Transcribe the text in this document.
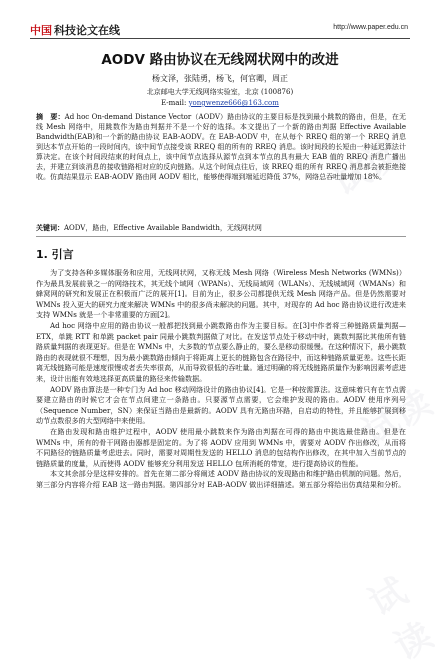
中国 科技论文在线	http://www.paper.edu.cn
试读
试读
试读
AODV 路由协议在无线网状网中的改进
杨文泽，张陆勇，杨飞，何官卿，周正
北京邮电大学无线网络实验室，北京 (100876)
E-mail: yongwenze666@163.com
摘　要：Ad hoc On-demand Distance Vector（AODV）路由协议的主要目标是找到最小跳数的路由，但是，在无线 Mesh 网络中，用跳数作为路由判据并不是一个好的选择。本文提出了一个新的路由判据 Effective Available Bandwidth(EAB)和一个新的路由协议 EAB-AODV。在 EAB-AODV 中，在从每个 RREQ 组的第一个 RREQ 消息到达本节点开始的一段时间内，该中间节点接受该 RREQ 组的所有的 RREQ 消息。该时间段的长短由一种延迟算法计算决定。在该个时间段结束的时间点上，该中间节点选择从源节点到本节点的具有最大 EAB 值的 RREQ 消息广播出去，并建立到该消息的接收链路相对应的反向链路。从这个时间点往后，该 RREQ 组的所有 RREQ 消息都会被拒绝接收。仿真结果显示 EAB-AODV 路由网 AODV 相比，能够使得端到端延迟降低 37%，网络总吞吐量增加 18%。
关键词：AODV，路由，Effective Available Bandwidth，无线网状网
1. 引言

为了支持各种多媒体服务和应用，无线网状网，又称无线 Mesh 网络（Wireless Mesh Networks (WMNs)）作为最具发展前景之一的网络技术，其无线个域网（WPANs）、无线局域网（WLANs）、无线城域网（WMANs）和蜂窝网的研究和发展正在积极而广泛的展开[1]。目前为止，很多公司都提供无线 Mesh 网络产品。但是仍然需要对 WMNs 投入更大的研究力度来解决 WMNs 中的很多尚未解决的问题。其中，对现存的 Ad hoc 路由协议进行改进来支持 WMNs 就是一个非常重要的方面[2]。

Ad hoc 网络中应用的路由协议一般都把找到最小跳数路由作为主要目标。在[3]中作者将三种链路质量判据—ETX，单跳 RTT 和单跳 packet pair 同最小跳数判据做了对比。在发送节点处于移动中时，跳数判据比其他所有链路质量判据的表现更好。但是在 WMNs 中，大多数的节点要么静止的，要么是移动很缓慢。在这种情况下，最小跳数路由的表现就很不理想，因为最小跳数路由倾向于将距离上更长的链路包含在路径中，而这种链路质量更差。这些长距离无线链路可能是速度很慢或者丢失率很高，从而导致很低的吞吐量。通过明确的将无线链路质量作为影响因素考虑进来，设计出能有效地选择更高质量的路径来传输数据。

AODV 路由算法是一种专门为 Ad hoc 移动网络设计的路由协议[4]。它是一种按需算法。这意味着只有在节点需要建立路由的时候它才会在节点间建立一条路由。只要源节点需要，它会维护发现的路由。AODV 使用序列号（Sequence Number，SN）来保证当路由是最新的。AODV 具有无路由环路，自启动的特性，并且能够扩展到移动节点数很多的大型网络中来使用。

在路由发现和路由维护过程中，AODV 使用最小跳数来作为路由判据在可得的路由中挑选最佳路由。但是在 WMNs 中，所有的骨干网路由器都是固定的。为了将 AODV 应用到 WMNs 中，需要对 AODV 作出修改，从而将不同路径的链路质量考虑进去。同时，需要对周期性发送的 HELLO 消息的包结构作出修改，在其中加入当前节点的链路质量的度量，从而使得 AODV 能够充分利用发送 HELLO 包所消耗的带宽，进行提高协议的性能。

本文其余部分是这样安排的。首先在第二部分将阐述 AODV 路由协议的发现路由和维护路由机制的问题。然后，第三部分内容将介绍 EAB 这一路由判据。第四部分对 EAB-AODV 做出详细描述。第五部分将给出仿真结果和分析。
